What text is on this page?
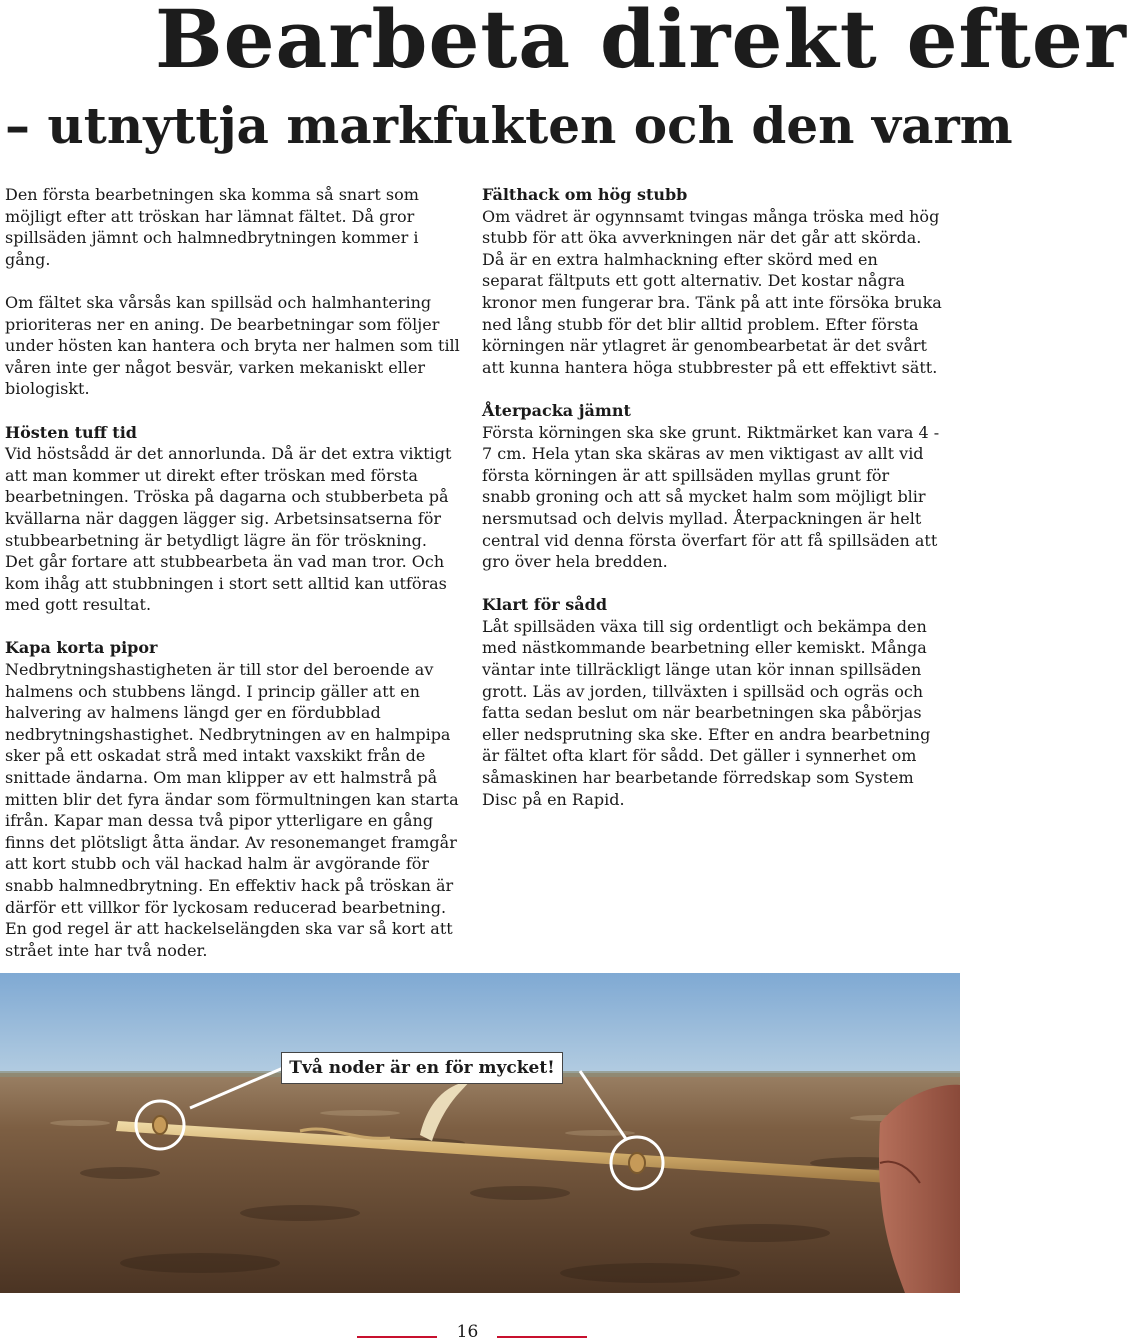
Bearbeta direkt efter
– utnyttja markfukten och den varm

Den första bearbetningen ska komma så snart som möjligt efter att tröskan har lämnat fältet. Då gror spillsäden jämnt och halmnedbrytningen kommer i gång.

Om fältet ska vårsås kan spillsäd och halmhantering prioriteras ner en aning. De bearbetningar som följer under hösten kan hantera och bryta ner halmen som till våren inte ger något besvär, varken mekaniskt eller biologiskt.

Hösten tuff tid

Vid höstsådd är det annorlunda. Då är det extra viktigt att man kommer ut direkt efter tröskan med första bearbetningen. Tröska på dagarna och stubberbeta på kvällarna när daggen lägger sig. Arbetsinsatserna för stubbearbetning är betydligt lägre än för tröskning. Det går fortare att stubbearbeta än vad man tror. Och kom ihåg att stubbningen i stort sett alltid kan utföras med gott resultat.

Kapa korta pipor

Nedbrytningshastigheten är till stor del beroende av halmens och stubbens längd. I princip gäller att en halvering av halmens längd ger en fördubblad nedbrytningshastighet. Nedbrytningen av en halmpipa sker på ett oskadat strå med intakt vaxskikt från de snittade ändarna. Om man klipper av ett halmstrå på mitten blir det fyra ändar som förmultningen kan starta ifrån. Kapar man dessa två pipor ytterligare en gång finns det plötsligt åtta ändar. Av resonemanget framgår att kort stubb och väl hackad halm är avgörande för snabb halmnedbrytning. En effektiv hack på tröskan är därför ett villkor för lyckosam reducerad bearbetning. En god regel är att hackelselängden ska var så kort att strået inte har två noder.

Fälthack om hög stubb

Om vädret är ogynnsamt tvingas många tröska med hög stubb för att öka avverkningen när det går att skörda. Då är en extra halmhackning efter skörd med en separat fältputs ett gott alternativ. Det kostar några kronor men fungerar bra. Tänk på att inte försöka bruka ned lång stubb för det blir alltid problem. Efter första körningen när ytlagret är genombearbetat är det svårt att kunna hantera höga stubbrester på ett effektivt sätt.

Återpacka jämnt

Första körningen ska ske grunt. Riktmärket kan vara 4 - 7 cm. Hela ytan ska skäras av men viktigast av allt vid första körningen är att spillsäden myllas grunt för snabb groning och att så mycket halm som möjligt blir nersmutsad och delvis myllad. Återpackningen är helt central vid denna första överfart för att få spillsäden att gro över hela bredden.

Klart för sådd

Låt spillsäden växa till sig ordentligt och bekämpa den med nästkommande bearbetning eller kemiskt. Många väntar inte tillräckligt länge utan kör innan spillsäden grott. Läs av jorden, tillväxten i spillsäd och ogräs och fatta sedan beslut om när bearbetningen ska påbörjas eller nedsprutning ska ske. Efter en andra bearbetning är fältet ofta klart för sådd. Det gäller i synnerhet om såmaskinen har bearbetande förredskap som System Disc på en Rapid.

Två noder är en för mycket!
16
